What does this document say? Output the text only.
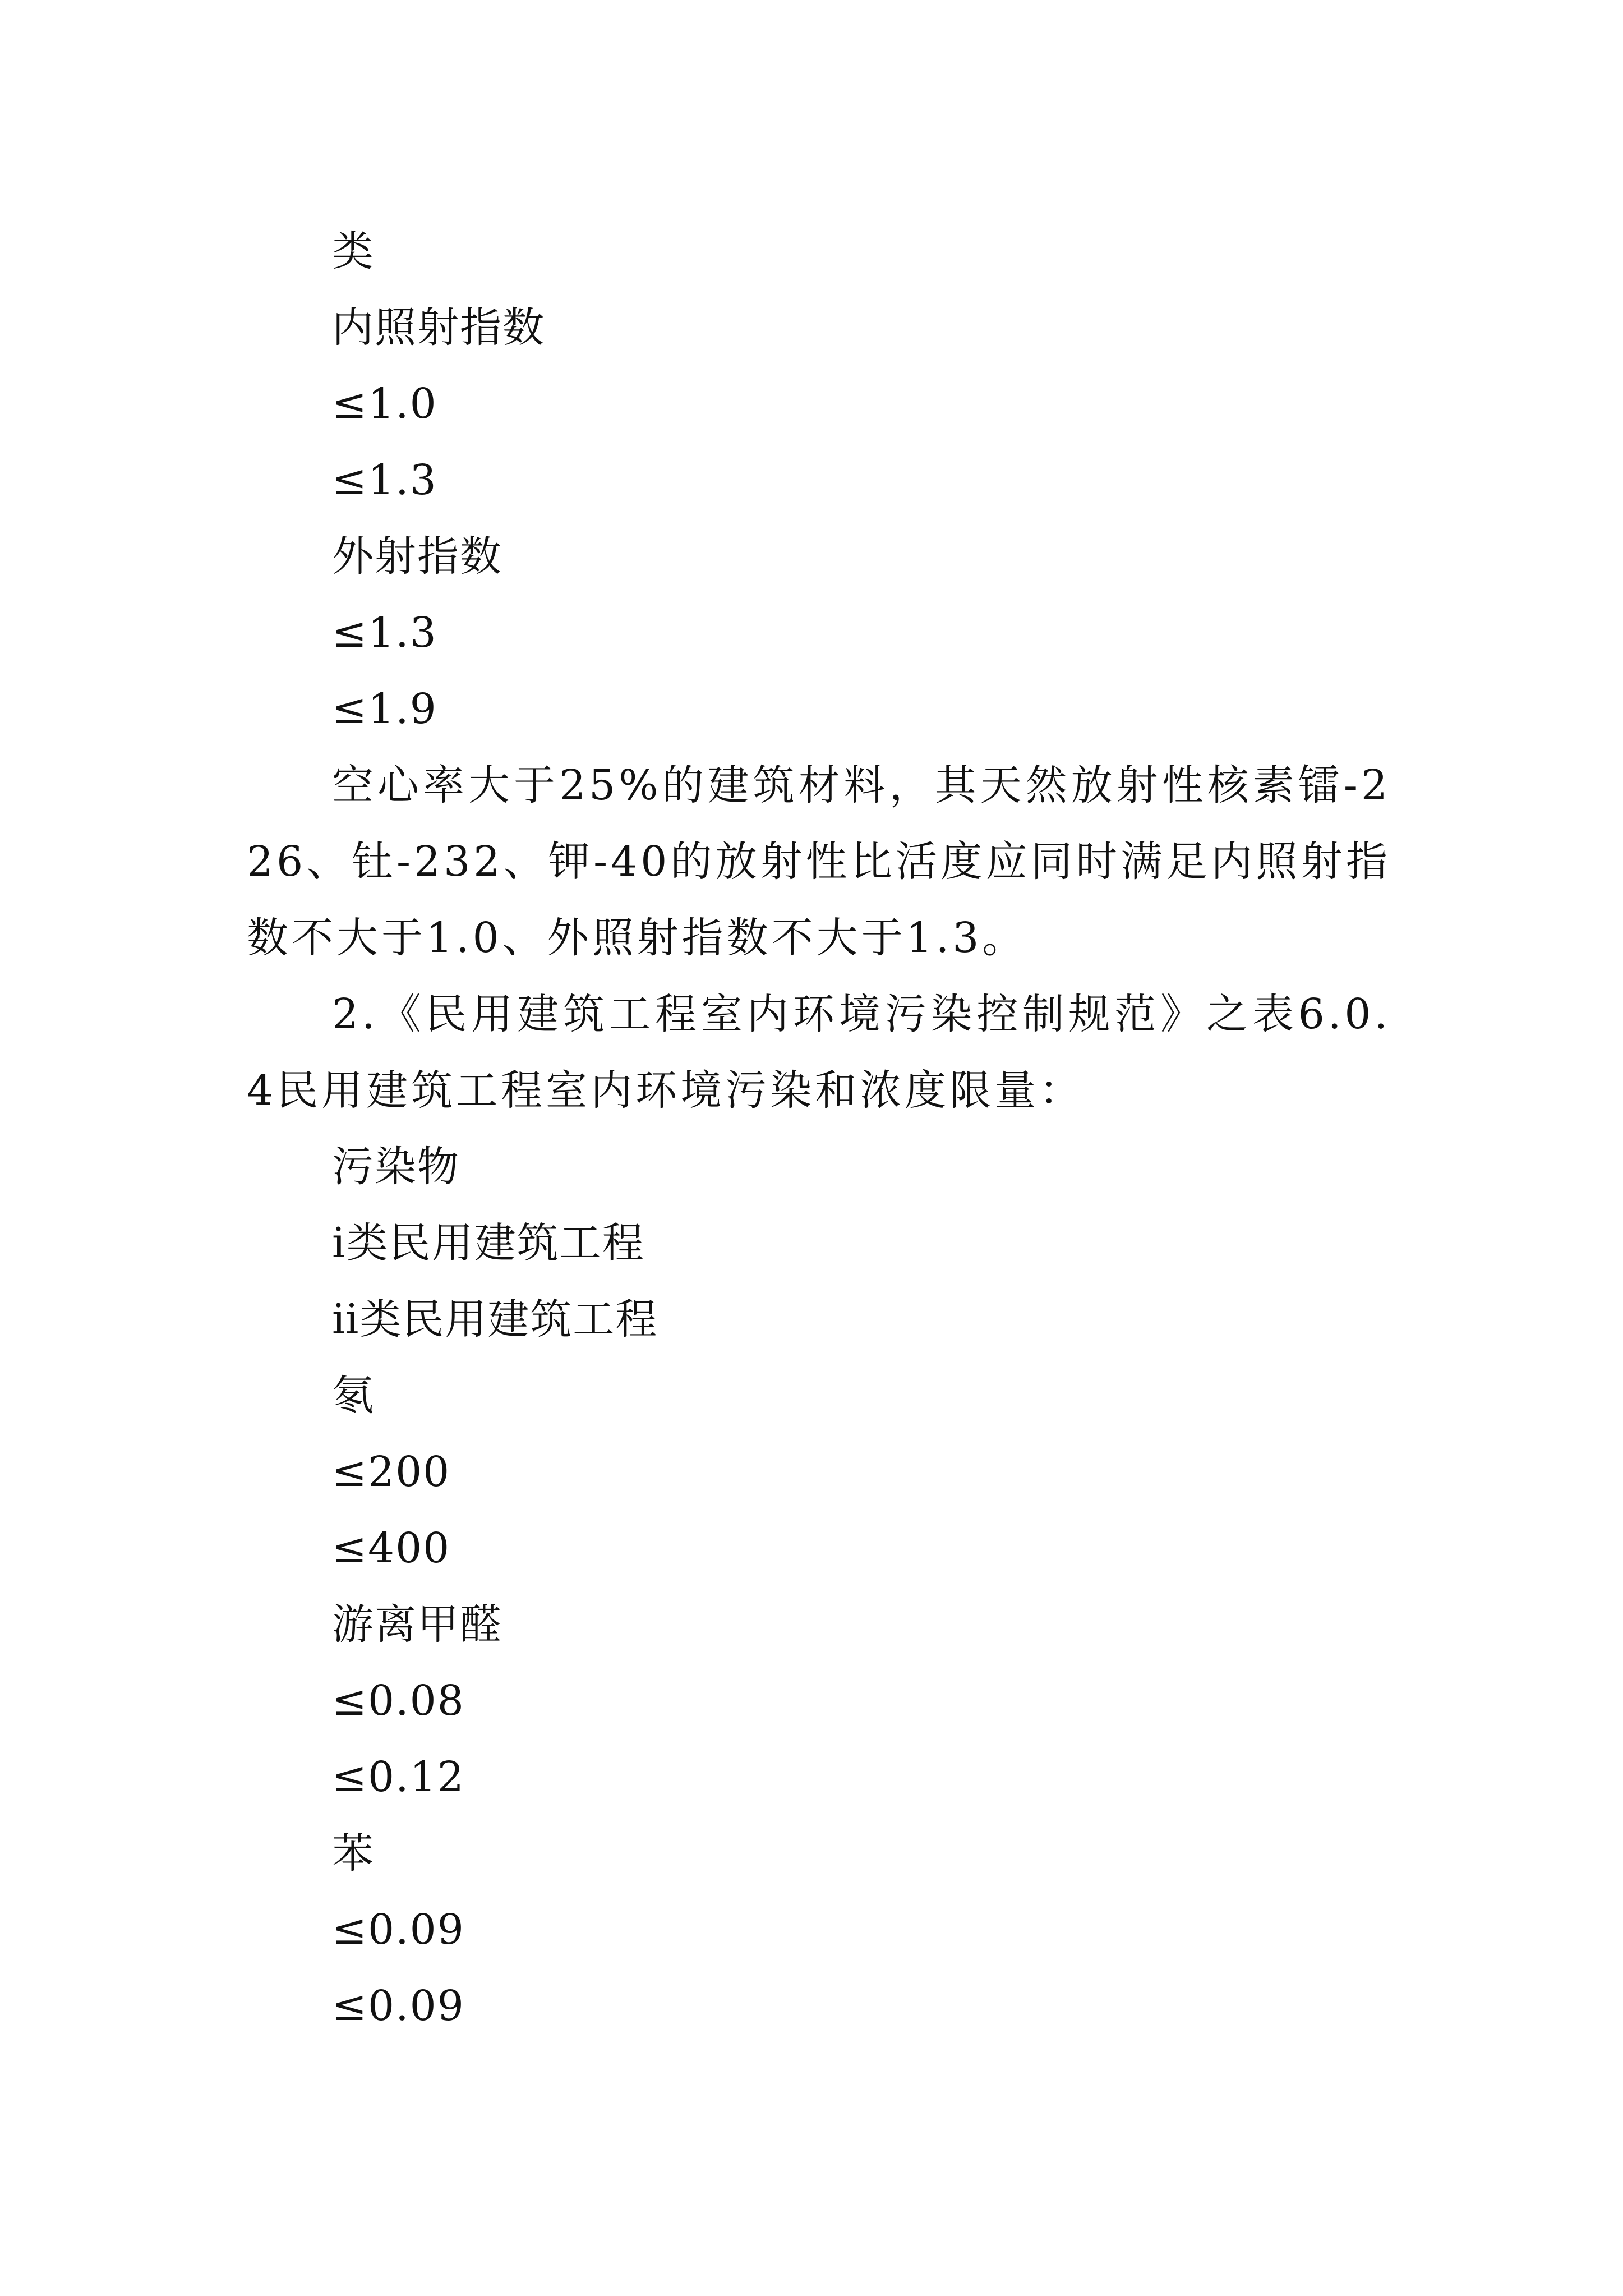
类
内照射指数
≤1.0
≤1.3
外射指数
≤1.3
≤1.9
空心率大于25%的建筑材料，其天然放射性核素镭-226、钍-232、钾-40的放射性比活度应同时满足内照射指数不大于1.0、外照射指数不大于1.3。
2.《民用建筑工程室内环境污染控制规范》之表6.0.4民用建筑工程室内环境污染和浓度限量：
污染物
ⅰ类民用建筑工程
ⅱ类民用建筑工程
氡
≤200
≤400
游离甲醛
≤0.08
≤0.12
苯
≤0.09
≤0.09
